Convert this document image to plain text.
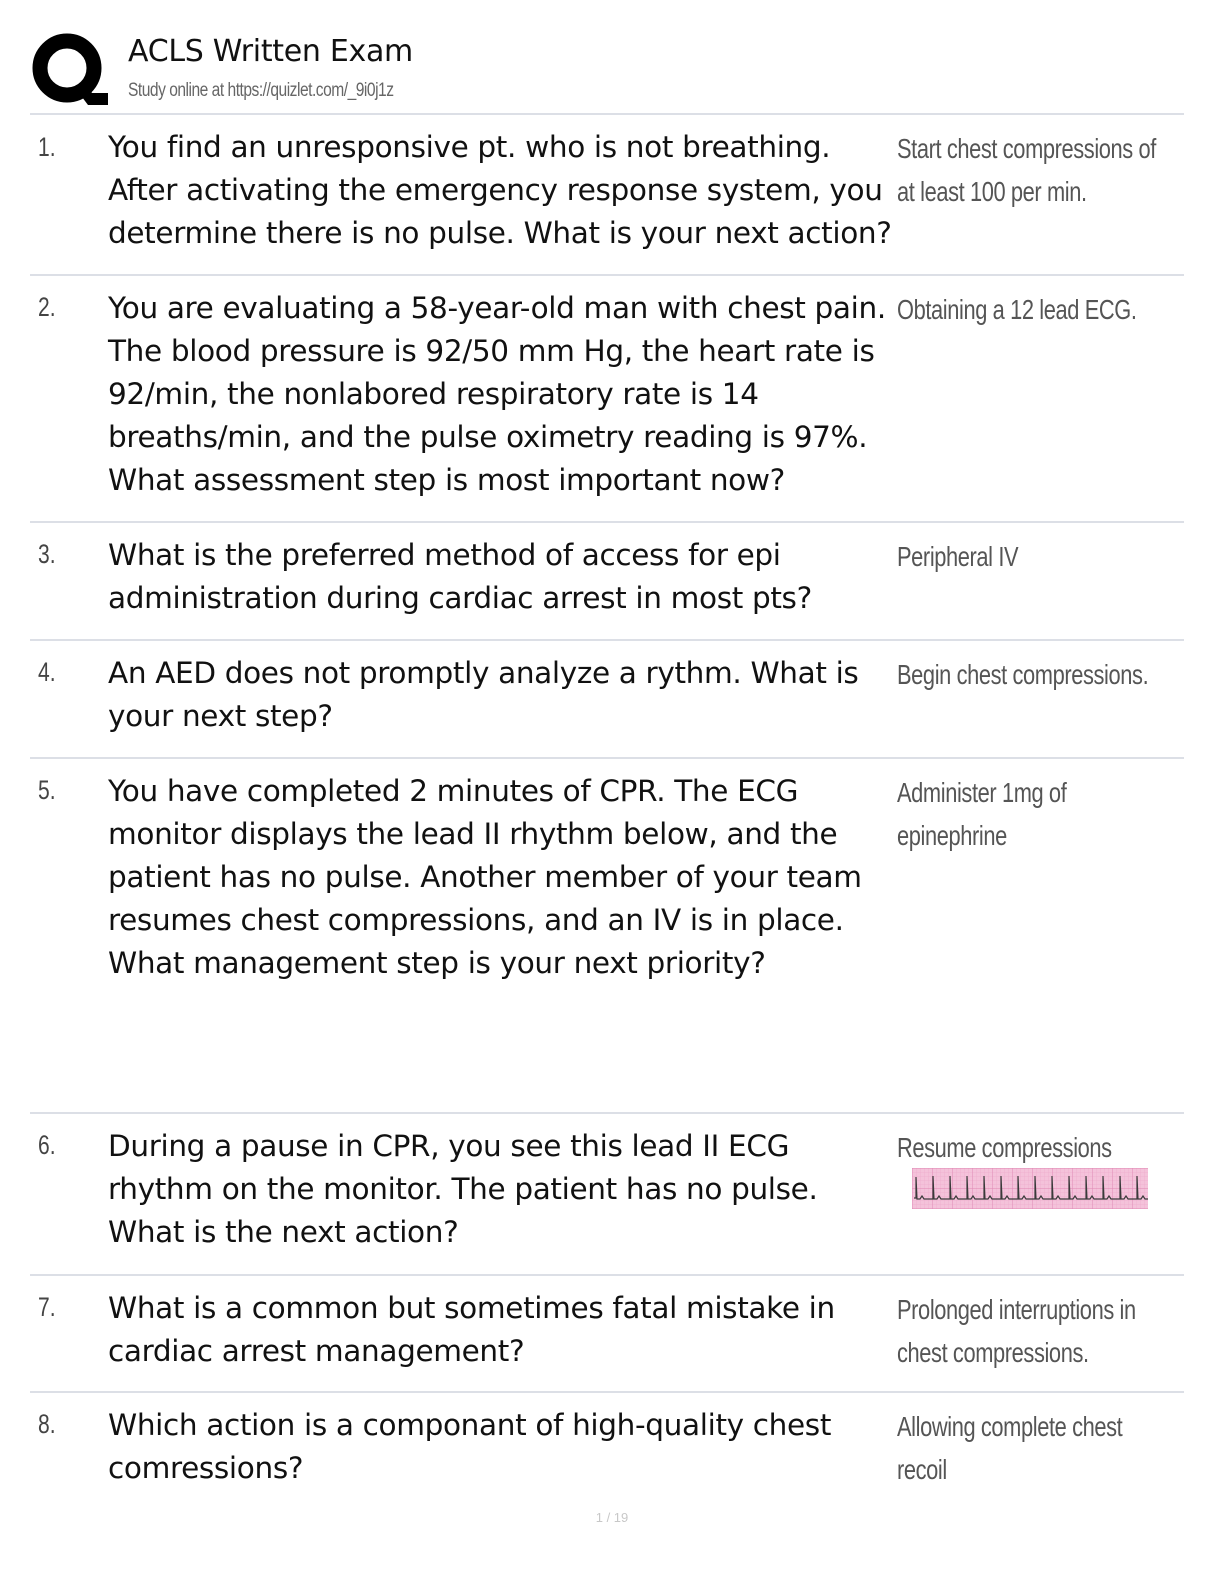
ACLS Written Exam
Study online at https://quizlet.com/_9i0j1z
1. You find an unresponsive pt. who is not breathing. After activating the emergency response system, you determine there is no pulse. What is your next action?
Start chest compressions of at least 100 per min.
2. You are evaluating a 58-year-old man with chest pain. The blood pressure is 92/50 mm Hg, the heart rate is 92/min, the nonlabored respiratory rate is 14 breaths/min, and the pulse oximetry reading is 97%. What assessment step is most important now?
Obtaining a 12 lead ECG.
3. What is the preferred method of access for epi administration during cardiac arrest in most pts?
Peripheral IV
4. An AED does not promptly analyze a rythm. What is your next step?
Begin chest compressions.
5. You have completed 2 minutes of CPR. The ECG monitor displays the lead II rhythm below, and the patient has no pulse. Another member of your team resumes chest compressions, and an IV is in place. What management step is your next priority?
Administer 1mg of epinephrine
6. During a pause in CPR, you see this lead II ECG rhythm on the monitor. The patient has no pulse. What is the next action?
Resume compressions
7. What is a common but sometimes fatal mistake in cardiac arrest management?
Prolonged interruptions in chest compressions.
8. Which action is a componant of high-quality chest comressions?
Allowing complete chest recoil
1 / 19
